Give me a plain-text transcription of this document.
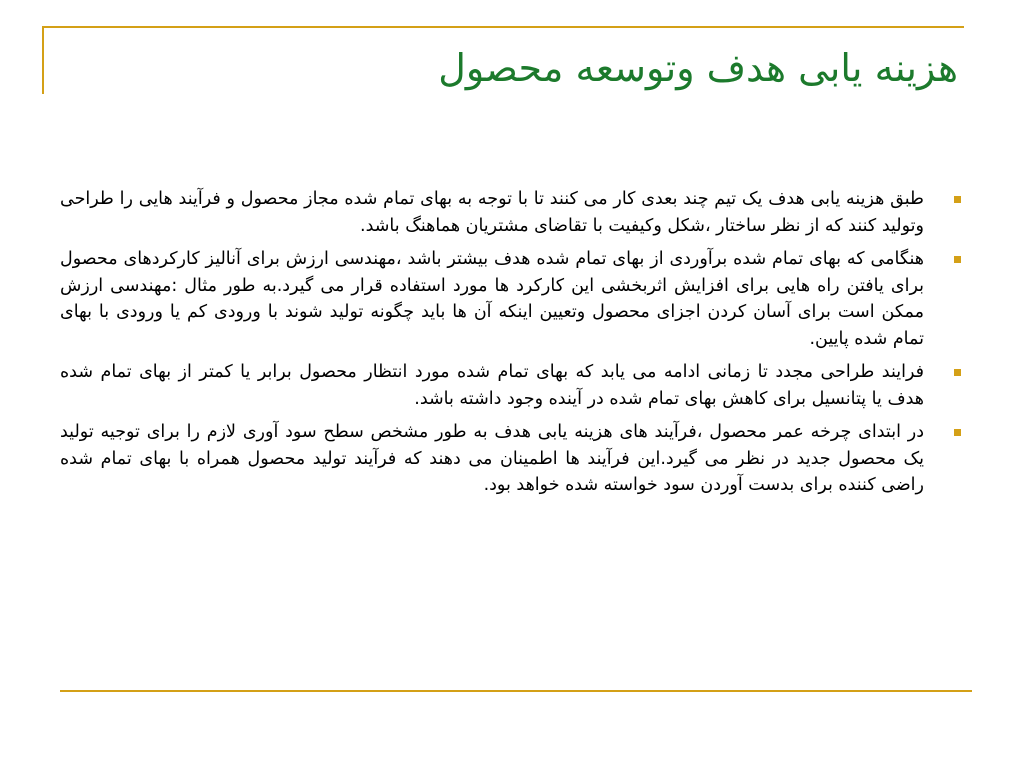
هزینه یابی هدف وتوسعه محصول
طبق هزینه یابی هدف یک تیم چند بعدی کار می کنند تا با توجه به بهای تمام شده مجاز محصول و فرآیند هایی را طراحی وتولید کنند که از نظر ساختار ،شکل وکیفیت با تقاضای مشتریان هماهنگ باشد.
هنگامی که بهای تمام شده برآوردی از بهای تمام شده هدف بیشتر باشد ،مهندسی ارزش برای آنالیز کارکردهای محصول برای یافتن راه هایی برای افزایش اثربخشی این کارکرد ها مورد استفاده قرار می گیرد.به طور مثال :مهندسی ارزش ممکن است برای آسان کردن اجزای محصول وتعیین اینکه آن ها باید چگونه تولید شوند با ورودی کم یا ورودی با بهای تمام شده پایین.
فرایند طراحی مجدد تا زمانی ادامه می یابد که بهای تمام شده مورد انتظار محصول برابر یا کمتر از بهای تمام شده هدف یا پتانسیل برای کاهش بهای تمام شده در آینده وجود داشته باشد.
در ابتدای چرخه عمر محصول ،فرآیند های هزینه یابی هدف به طور مشخص سطح سود آوری لازم را برای توجیه تولید یک محصول جدید در نظر می گیرد.این فرآیند ها اطمینان می دهند که فرآیند تولید محصول همراه با بهای تمام شده راضی کننده برای بدست آوردن سود خواسته شده خواهد بود.
